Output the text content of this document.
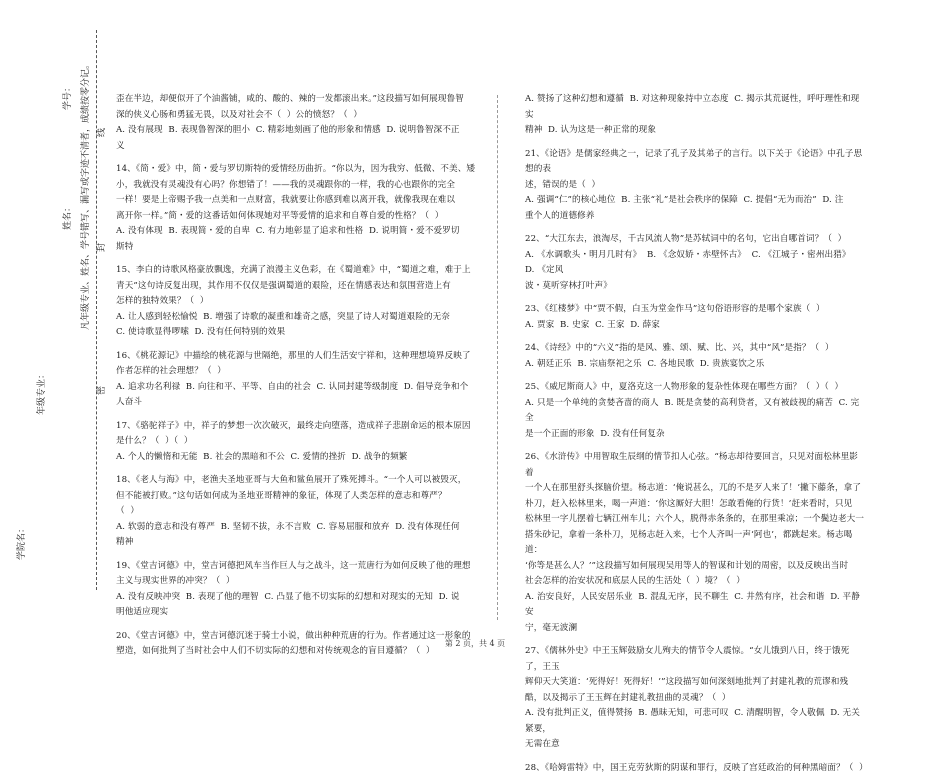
学号：
姓名：
年级专业：
凡年级专业、姓名、学号错写、漏写或字迹不清者，成绩按零分记。 封
密
线
学院名：

歪在半边，却便似开了个油酱铺，咸的、酸的、辣的一发都滚出来。”这段描写如何展现鲁智

深的侠义心肠和勇猛无畏，以及对社会不（  ）公的愤怒？（  ）

A. 没有展现  B. 表现鲁智深的胆小  C. 精彩地刻画了他的形象和情感  D. 说明鲁智深不正

义

14、《简・爱》中，简・爱与罗切斯特的爱情经历曲折。“你以为，因为我穷、低微、不美、矮

小，我就没有灵魂没有心吗？你想错了！——我的灵魂跟你的一样，我的心也跟你的完全

一样！要是上帝赐予我一点美和一点财富，我就要让你感到难以离开我，就像我现在难以

离开你一样。”简・爱的这番话如何体现她对平等爱情的追求和自尊自爱的性格？（  ）

A. 没有体现  B. 表现简・爱的自卑  C. 有力地彰显了追求和性格  D. 说明简・爱不爱罗切

斯特

15、李白的诗歌风格豪放飘逸，充满了浪漫主义色彩，在《蜀道难》中，“蜀道之难，难于上

青天”这句诗反复出现，其作用不仅仅是强调蜀道的艰险，还在情感表达和氛围营造上有

怎样的独特效果？（  ）

A. 让人感到轻松愉悦  B. 增强了诗歌的凝重和雄奇之感，突显了诗人对蜀道艰险的无奈

C. 使诗歌显得啰嗦  D. 没有任何特别的效果

16、《桃花源记》中描绘的桃花源与世隔绝，那里的人们生活安宁祥和，这种理想境界反映了

作者怎样的社会理想？（  ）

A. 追求功名利禄  B. 向往和平、平等、自由的社会  C. 认同封建等级制度  D. 倡导竞争和个

人奋斗

17、《骆驼祥子》中，祥子的梦想一次次破灭，最终走向堕落，造成祥子悲剧命运的根本原因

是什么？（  ）（  ）

A. 个人的懒惰和无能  B. 社会的黑暗和不公  C. 爱情的挫折  D. 战争的频繁

18、《老人与海》中，老渔夫圣地亚哥与大鱼和鲨鱼展开了殊死搏斗。“一个人可以被毁灭，

但不能被打败。”这句话如何成为圣地亚哥精神的象征，体现了人类怎样的意志和尊严？

（  ）

A. 软弱的意志和没有尊严  B. 坚韧不拔，永不言败  C. 容易屈服和放弃  D. 没有体现任何

精神

19、《堂吉诃德》中，堂吉诃德把风车当作巨人与之战斗，这一荒唐行为如何反映了他的理想

主义与现实世界的冲突？（  ）

A. 没有反映冲突  B. 表现了他的理智  C. 凸显了他不切实际的幻想和对现实的无知  D. 说

明他适应现实

20、《堂吉诃德》中，堂吉诃德沉迷于骑士小说，做出种种荒唐的行为。作者通过这一形象的

塑造，如何批判了当时社会中人们不切实际的幻想和对传统观念的盲目遵循？（  ）

A. 赞扬了这种幻想和遵循  B. 对这种现象持中立态度  C. 揭示其荒诞性，呼吁理性和现实

精神  D. 认为这是一种正常的现象

21、《论语》是儒家经典之一，记录了孔子及其弟子的言行。以下关于《论语》中孔子思想的表

述，错误的是（  ）

A. 强调“仁”的核心地位  B. 主张“礼”是社会秩序的保障  C. 提倡“无为而治”  D. 注

重个人的道德修养

22、“大江东去，浪淘尽，千古风流人物”是苏轼词中的名句，它出自哪首词？（  ）

A. 《水调歌头・明月几时有》  B. 《念奴娇・赤壁怀古》  C. 《江城子・密州出猎》  D. 《定风

波・莫听穿林打叶声》

23、《红楼梦》中“贾不假，白玉为堂金作马”这句俗语形容的是哪个家族（  ）

A. 贾家  B. 史家  C. 王家  D. 薛家

24、《诗经》中的“六义”指的是风、雅、颂、赋、比、兴，其中“风”是指？（  ）

A. 朝廷正乐  B. 宗庙祭祀之乐  C. 各地民歌  D. 贵族宴饮之乐

25、《威尼斯商人》中，夏洛克这一人物形象的复杂性体现在哪些方面？（  ）（  ）

A. 只是一个单纯的贪婪吝啬的商人  B. 既是贪婪的高利贷者，又有被歧视的痛苦  C. 完全

是一个正面的形象  D. 没有任何复杂

26、《水浒传》中用智取生辰纲的情节扣人心弦。“杨志却待要回言，只见对面松林里影着

一个人在那里舒头探脑价望。杨志道：‘俺说甚么，兀的不是歹人来了！’撇下藤条，拿了

朴刀，赶入松林里来，喝一声道：‘你这厮好大胆！怎敢看俺的行货！’赶来看时，只见

松林里一字儿摆着七辆江州车儿；六个人，脱得赤条条的，在那里乘凉；一个鬓边老大一

搭朱砂记，拿着一条朴刀，见杨志赶入来，七个人齐叫一声‘阿也’，都跳起来。杨志喝道：

‘你等是甚么人？’”这段描写如何展现吴用等人的智谋和计划的周密，以及反映出当时

社会怎样的治安状况和底层人民的生活处（  ）境？（  ）

A. 治安良好，人民安居乐业  B. 混乱无序，民不聊生  C. 井然有序，社会和谐  D. 平静安

宁，毫无波澜

27、《儒林外史》中王玉辉鼓励女儿殉夫的情节令人震惊。“女儿饿到八日，终于饿死了，王玉

辉仰天大笑道：‘死得好！死得好！’”这段描写如何深刻地批判了封建礼教的荒谬和残

酷，以及揭示了王玉辉在封建礼教扭曲的灵魂？（  ）

A. 没有批判正义，值得赞扬  B. 愚昧无知，可悲可叹  C. 清醒明智，令人敬佩  D. 无关紧要，

无需在意

28、《哈姆雷特》中，国王克劳狄斯的阴谋和罪行，反映了宫廷政治的何种黑暗面？（  ）

第 2 页，共 4 页
